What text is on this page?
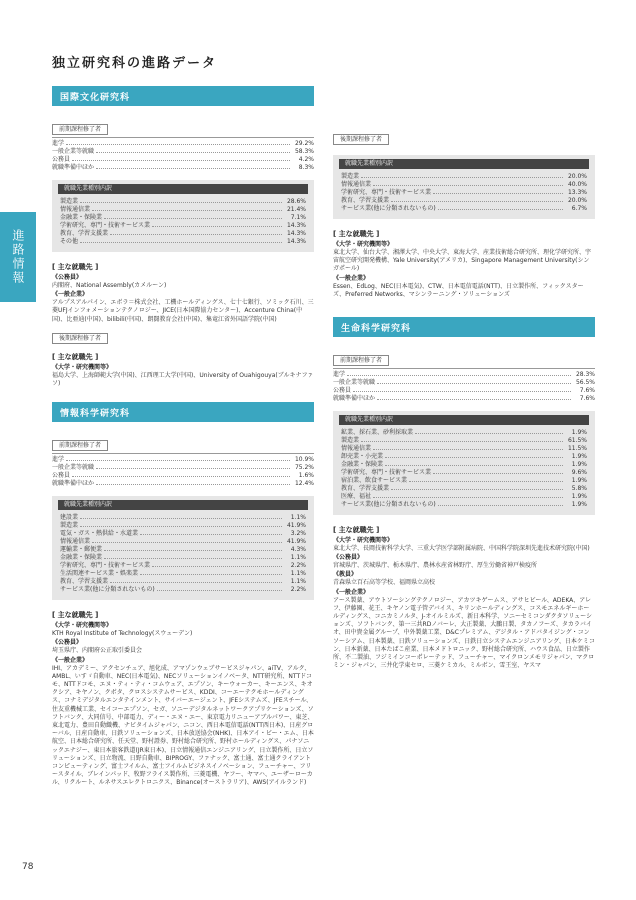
進路情報
独立研究科の進路データ
国際文化研究科
前期課程修了者
進学	29.2%
一般企業等就職	58.3%
公務員	4.2%
就職準備中ほか	8.3%
就職先業種別内訳
製造業	28.6%
情報通信業	21.4%
金融業・保険業	7.1%
学術研究、専門・技術サービス業	14.3%
教育、学習支援業	14.3%
その他	14.3%
[ 主な就職先 ]
《公務員》
内閣府、National Assembly(カメルーン)
《一般企業》
アルプスアルパイン、エボラ＝株式会社、工機ホールディングス、七十七銀行、ソミック石川、三菱UFJインフォメーションテクノロジー、JICE(日本国際協力センター)、Accenture China(中国)、比亜迪(中国)、bilibili(中国)、朗闘教育会社(中国)、集竜江省外国語学院(中国)
後期課程修了者
[ 主な就職先 ]
《大学・研究機関等》
福島大学、上海師範大学(中国)、江西理工大学(中国)、University of Ouahigouya(ブルキナファソ)
情報科学研究科
前期課程修了者
進学	10.9%
一般企業等就職	75.2%
公務員	1.6%
就職準備中ほか	12.4%
就職先業種別内訳
建設業	1.1%
製造業	41.9%
電気・ガス・熱供給・水道業	3.2%
情報通信業	41.9%
運輸業・郵便業	4.3%
金融業・保険業	1.1%
学術研究、専門・技術サービス業	2.2%
生活関連サービス業・娯楽業	1.1%
教育、学習支援業	1.1%
サービス業(他に分類されないもの)	2.2%
[ 主な就職先 ]
《大学・研究機関等》
KTH Royal Institute of Technology(スウェーデン)
《公務員》
埼玉県庁、内閣府公正取引委員会
《一般企業》
IHI、アカデミー、アクセンチュア、旭化成、アマゾンウェブサービスジャパン、aiTV、アルク、AMBL、いすゞ自動車、NEC(日本電気)、NECソリューションイノベータ、NTT研究所、NTTドコモ、NTTドコモ、エヌ・ティ・ティ・コムウェア、エプソン、キーウォーカー、キーエンス、キオクシア、キヤノン、クボタ、クロスシステムサービス、KDDI、コーエーテクモホールディングス、コナミデジタルエンタテインメント、サイバーエージェント、JFEシステムズ、JFEスチール、住友重機械工業、セイコーエプソン、セガ、ソニーデジタルネットワークアプリケーションズ、ソフトバンク、大同信号、中部電力、ディー・エヌ・エー、東京電力リニューアブルパワー、東芝、東北電力、豊田自動織機、ナビタイムジャパン、ニコン、西日本電信電話(NTT西日本)、日産グローバル、日産自動車、日鉄ソリューションズ、日本放送協会(NHK)、日本アイ・ビー・エム、日本航空、日本総合研究所、任天堂、野村證券、野村総合研究所、野村ホールディングス、パナソニックエナジー、東日本旅客鉄道(JR東日本)、日立情報通信エンジニアリング、日立製作所、日立ソリューションズ、日立物流、日野自動車、BIPROGY、ファナック、富士通、富士通クライアントコンピューティング、富士フイルム、富士フイルムビジネスイノベーション、フューチャー、フリースタイル、ブレインパッド、牧野フライス製作所、三菱電機、ヤフー、ヤマハ、ユーザーローカル、リクルート、ルネサスエレクトロニクス、Binance(オーストラリア)、AWS(アイルランド)
後期課程修了者
就職先業種別内訳
製造業	20.0%
情報通信業	40.0%
学術研究、専門・技術サービス業	13.3%
教育、学習支援業	20.0%
サービス業(他に分類されないもの)	6.7%
[ 主な就職先 ]
《大学・研究機関等》
東北大学、仙台大学、湘澤大学、中央大学、東海大学、産業技術総合研究所、理化学研究所、宇宙航空研究開発機構、Yale University(アメリカ)、Singapore Management University(シンガポール)
《一般企業》
Essen、EdLog、NEC(日本電気)、CTW、日本電信電話(NTT)、日立製作所、フィックスターズ、Preferred Networks、マシンラーニング・ソリューションズ
生命科学研究科
前期課程修了者
進学	28.3%
一般企業等就職	56.5%
公務員	7.6%
就職準備中ほか	7.6%
就職先業種別内訳
鉱業、採石業、砂利採取業	1.9%
製造業	61.5%
情報通信業	11.5%
卸売業・小売業	1.9%
金融業・保険業	1.9%
学術研究、専門・技術サービス業	9.6%
宿泊業、飲食サービス業	1.9%
教育、学習支援業	5.8%
医療、福祉	1.9%
サービス業(他に分類されないもの)	1.9%
[ 主な就職先 ]
《大学・研究機関等》
東北大学、長岡技術科学大学、三重大学医学部附属病院、中国科学院深圳先進技术研究院(中国)
《公務員》
宮城県庁、茨城県庁、栃木県庁、農林水産省林野庁、厚生労働省神戸検疫所
《教員》
青森県立百石高等学校、福岡県立高校
《一般企業》
アース製薬、アウトソーシングテクノロジー、アカツキゲームス、アサヒビール、ADEKA、アレフ、伊藤園、花王、キヤノン電子管デバイス、キリンホールディングス、コスモエネルギーホールディングス、コニカミノルタ、J-オイルミルズ、新日本科学、ソニーセミコンダクタソリューションズ、ソフトバンク、第一三共RDノバーレ、大正製薬、大鵬日製、タカノフーズ、タカラバイオ、田中貴金属グループ、中外製薬工業、D&Cプレミアム、デジタル・アドバタイジング・コンソーシアム、日本製薬、日鉄ソリューションズ、日鉄日立システムエンジニアリング、日本ケミコン、日本新薬、日本たばこ産業、日本メドトロニック、野村総合研究所、ハウス食品、日立製作所、不二製油、フジミインコーポレーテッド、フューチャー、マイクロンメモリジャパン、マクロミン・ジャパン、三井化学東セロ、三菱ケミカル、ミルボン、雪王室、ヤスマ
78
